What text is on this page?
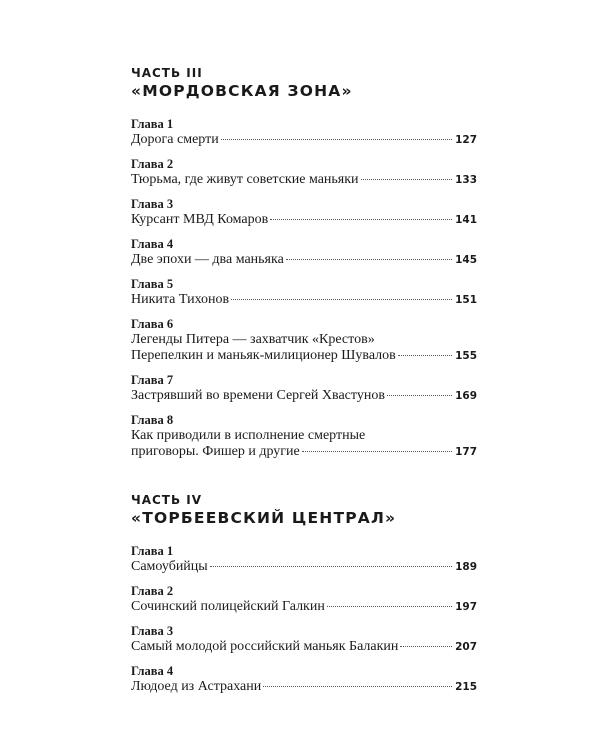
ЧАСТЬ III
«МОРДОВСКАЯ ЗОНА»
Глава 1
Дорога смерти	127
Глава 2
Тюрьма, где живут советские маньяки	133
Глава 3
Курсант МВД Комаров	141
Глава 4
Две эпохи — два маньяка	145
Глава 5
Никита Тихонов	151
Глава 6
Легенды Питера — захватчик «Крестов»
Перепелкин и маньяк-милиционер Шувалов	155
Глава 7
Застрявший во времени Сергей Хвастунов	169
Глава 8
Как приводили в исполнение смертные
приговоры. Фишер и другие	177
ЧАСТЬ IV
«ТОРБЕЕВСКИЙ ЦЕНТРАЛ»
Глава 1
Самоубийцы	189
Глава 2
Сочинский полицейский Галкин	197
Глава 3
Самый молодой российский маньяк Балакин	207
Глава 4
Людоед из Астрахани	215
